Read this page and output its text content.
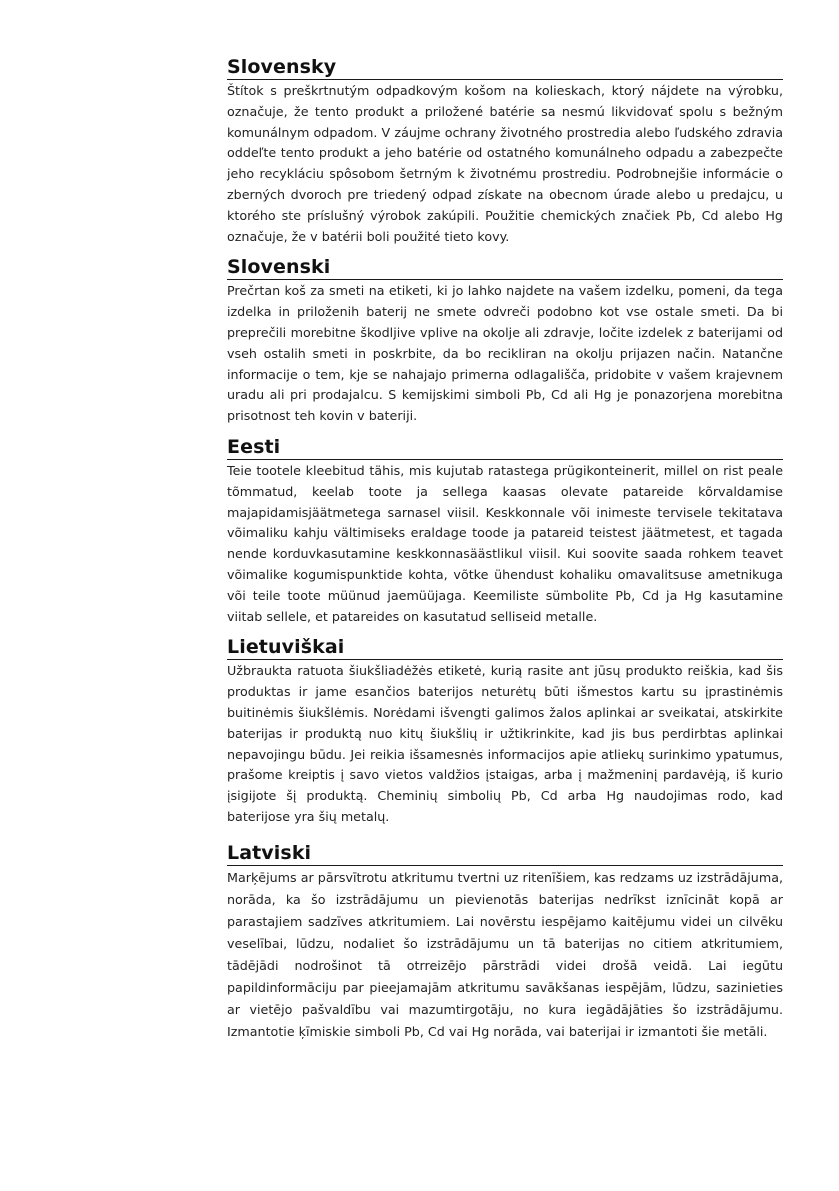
Slovensky

Štítok s preškrtnutým odpadkovým košom na kolieskach, ktorý nájdete na výrobku, označuje, že tento produkt a priložené batérie sa nesmú likvidovať spolu s bežným komunálnym odpadom. V záujme ochrany životného prostredia alebo ľudského zdravia oddeľte tento produkt a jeho batérie od ostatného komunálneho odpadu a zabezpečte jeho recykláciu spôsobom šetrným k životnému prostrediu. Podrobnejšie informácie o zberných dvoroch pre triedený odpad získate na obecnom úrade alebo u predajcu, u ktorého ste príslušný výrobok zakúpili. Použitie chemických značiek Pb, Cd alebo Hg označuje, že v batérii boli použité tieto kovy.

Slovenski

Prečrtan koš za smeti na etiketi, ki jo lahko najdete na vašem izdelku, pomeni, da tega izdelka in priloženih baterij ne smete odvreči podobno kot vse ostale smeti. Da bi preprečili morebitne škodljive vplive na okolje ali zdravje, ločite izdelek z baterijami od vseh ostalih smeti in poskrbite, da bo recikliran na okolju prijazen način. Natančne informacije o tem, kje se nahajajo primerna odlagališča, pridobite v vašem krajevnem uradu ali pri prodajalcu. S kemijskimi simboli Pb, Cd ali Hg je ponazorjena morebitna prisotnost teh kovin v bateriji.

Eesti

Teie tootele kleebitud tähis, mis kujutab ratastega prügikonteinerit, millel on rist peale tõmmatud, keelab toote ja sellega kaasas olevate patareide kõrvaldamise majapidamisjäätmetega sarnasel viisil. Keskkonnale või inimeste tervisele tekitatava võimaliku kahju vältimiseks eraldage toode ja patareid teistest jäätmetest, et tagada nende korduvkasutamine keskkonnasäästlikul viisil. Kui soovite saada rohkem teavet võimalike kogumispunktide kohta, võtke ühendust kohaliku omavalitsuse ametnikuga või teile toote müünud jaemüüjaga. Keemiliste sümbolite Pb, Cd ja Hg kasutamine viitab sellele, et patareides on kasutatud selliseid metalle.

Lietuviškai

Užbraukta ratuota šiukšliadėžės etiketė, kurią rasite ant jūsų produkto reiškia, kad šis produktas ir jame esančios baterijos neturėtų būti išmestos kartu su įprastinėmis buitinėmis šiukšlėmis. Norėdami išvengti galimos žalos aplinkai ar sveikatai, atskirkite baterijas ir produktą nuo kitų šiukšlių ir užtikrinkite, kad jis bus perdirbtas aplinkai nepavojingu būdu. Jei reikia išsamesnės informacijos apie atliekų surinkimo ypatumus, prašome kreiptis į savo vietos valdžios įstaigas, arba į mažmeninį pardavėją, iš kurio įsigijote šį produktą. Cheminių simbolių Pb, Cd arba Hg naudojimas rodo, kad baterijose yra šių metalų.

Latviski

Marķējums ar pārsvītrotu atkritumu tvertni uz ritenīšiem, kas redzams uz izstrādājuma, norāda, ka šo izstrādājumu un pievienotās baterijas nedrīkst iznīcināt kopā ar parastajiem sadzīves atkritumiem. Lai novērstu iespējamo kaitējumu videi un cilvēku veselībai, lūdzu, nodaliet šo izstrādājumu un tā baterijas no citiem atkritumiem, tādējādi nodrošinot tā otrreizējo pārstrādi videi drošā veidā. Lai iegūtu papildinformāciju par pieejamajām atkritumu savākšanas iespējām, lūdzu, sazinieties ar vietējo pašvaldību vai mazumtirgotāju, no kura iegādājāties šo izstrādājumu. Izmantotie ķīmiskie simboli Pb, Cd vai Hg norāda, vai baterijai ir izmantoti šie metāli.
